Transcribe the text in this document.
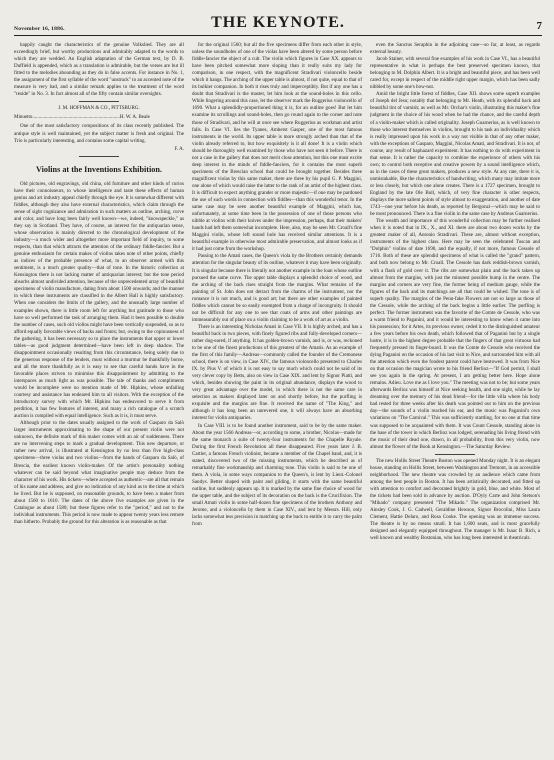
November 16, 1886.	THE KEYNOTE.	7

happily caught the characteristics of the genuine Volkslied. They are all exceedingly brief, but worthy productions and admirably adapted to the words to which they are wedded. An English adaptation of the German text, by D. B. Duffield is appended, which as a translation is admirable, but the verses are but ill fitted to the melodies abounding as they do in false accents. For instance in No. 1, the assignment of the first syllable of the word "unstruck" to an accented note of the measure is very bad, and a similar remark applies to the treatment of the word "reside" in No. 3. In fact almost all of the fifty contain similar oversights.

J. M. HOFFMAN & CO., PITTSBURG.
Minuetto......................................................................H. W. A. Beale

One of the most satisfactory compositions of its class recently published. The antique style is well maintained, yet the subject matter is fresh and original. The Trio is particularly interesting, and contains some capital writing.

F. A.
Violins at the Inventions Exhibition.

Old pictures, old engravings, old china, old furniture and other kinds of curios have their connoisseurs, to whose intelligence and taste these effects of human genius and art industry appeal chiefly through the eye. It is somewhat different with fiddles, although they also have external characteristics, which claim through the sense of sight cognizance and admiration in such matters as outline, arching, curve and color, and have long been fairly well known—we, indeed, "knowspeckle," as they say in Scotland. They have, of course, an interest for the antiquarian sense, whose observation is mainly directed to the chronological development of the industry—a much wider and altogether more important field of inquiry, to some respects, than that which attracts the attention of the ordinary fiddle-fancier. But a genuine enthusiasm for certain makes of violins takes note of other points, chiefly as indices of the probable presence of what, to an observer armed with this sentiment, is a much greater quality—that of tone. In the historic collection at Kensington there is not lacking matter of antiquarian interest; but the tone period absorbs almost undivided attention, because of the unprecedented array of beautiful specimens of violin manufacture, dating from about 1500 onwards; and the manner in which these instruments are classified in the Albert Hall is highly satisfactory. When one considers the limits of the gallery, and the unusually large number of examples shown, there is little room left for anything but gratitude to those who have so well performed the task of arranging them. Had it been possible to double the number of cases, such old violins might have been vertically suspended, so as to afford equally favorable views of backs and fronts; but, owing to the copiousness of the gathering, it has been necessary so to place the instruments that upper or lower tables—as good judgment determined—have been left in deep shadow. The disappointment occasionally resulting from this circumstance, being solely due to the generous response of the lenders, must without a murmur be thankfully borne, and all the more thankfully as it is easy to see that careful hands have in the favorable places striven to minimise this disappointment by admitting to the interspaces as much light as was possible. The tale of thanks and compliments would be incomplete were no mention made of Mr. Hipkins, whose unfailing courtesy and assistance has endeared him to all visitors. With the exception of the introductory survey with which Mr. Hipkins has endeavored to serve it from perdition, it has few features of interest, and many a rich catalogue of a scratch auction is compiled with equal intelligence. Such as it is, it must serve.

Although prior to the dates usually assigned to the work of Gasparo da Salò larger instruments approximating to the shape of our present violin were not unknown, the definite mark of this maker comes with an air of suddenness. There are no intervening steps to mark a gradual development. This new departure, or rather new arrival, is illustrated at Kensington by no less than five high-class specimens—three violas and two violins—from the hands of Gasparo da Salò, of Brescia, the earliest known violin-maker. Of the artist's personality nothing whatever can be said beyond what imaginative people may deduce from the character of his work. His tickets—where accepted as authentic—are all that remain of his name and address, and give no indication of any kind as to the time at which he lived. But he is supposed, on reasonable grounds, to have been a maker from about 1560 to 1610. The dates of the above five examples are given in the Catalogue as about 1580; but these figures refer to the "period," and not to the individual instruments. This period is now made to appear twenty years less remote than hitherto. Probably the ground for this alteration is as reasonable as that

for the original 1560; but all the five specimens differ from each other in style, unless the soundholes of one of the violas have been altered by some person before fiddle-fancier the object of a cult. The violin which figures in Case XX. appears to have been pitched somewhat more sloping than it really suits my lady for comparison, in one respect, with the magnificent Stradivari violoncello beside which it hangs. The arching of the upper table is almost, if not quite, equal to that of its bulkier companion. In both it rises truly and imperceptibly. But if any one has a doubt that Stradivari is the master, let him look at the sound-holes in this cello. While lingering around this case, let the observer mark the Ruggerius violoncello of 1690. What a splendidly-proportioned thing it is, for an outline goes! But let him examine its scrollings and sound-holes, then go round again to the corner and note those of Stradivari, and he will at once see where Ruggerius as workman and artist falls. In Case VI. lies the Tyanes, Amherst Gasper, one of the most famous instruments in the world. Its upper table is more strongly arched than that of the violin already referred to, but how exquisitely is it all done! It is a violin which should be thoroughly well examined by those who have not seen it before. There is not a case in the gallery that does not merit close attention, but this one must excite deep interest in the minds of fiddle-fanciers, for it contains the most superb specimens of the Brescian school that could be brought together. Besides three magnificent violas by this same maker, there are three by his pupil G. P. Maggini, one alone of which would raise the latter to the rank of an artist of the highest class. It is difficult to expect anything grander or more majestic—if one may be pardoned the use of such words in connection with fiddles—than this wonderful tenor. In the same case may be seen another beautiful example of Maggini, which has, unfortunately, at some time been in the possession of one of those persons who nibble at violins with their knives under the impression, perhaps, that their makers' hands had left them somewhat incomplete. Here, also, may be seen Mr. Croall's fine Maggini violin, whose left sound hole has received similar attentions. It is a beautiful example in otherwise most admirable preservation, and almost looks as if it had just come from the workshop.

Passing to the Amati cases, the Queen's viola by the Brothers certainly demands attention for the singular beauty of its outline, whatever it may have been originally. It is singular because there is literally not another example in the loan whose outline pursued the same curve. The upper table displays a splendid choice of wood, and the arching of the back rises straight from the margins. What remains of the painting of St. John does not detract from the charms of the instrument, nor the romance it is not much, and is good art; but there are other examples of painted fiddles which cannot be so easily exempted from a charge of incongruity. It should not be difficult for any one to see that coats of arms and other paintings are immeasurably out of place on a violin claiming to be a work of art as a violin.

There is an interesting Nicholas Amati in Case VII. It is highly arched, and has a beautiful back in two pieces, with finely figured ribs and fully-developed corners—rather dog-eared, if anything. It has golden-brown varnish, and is, or was, reckoned to be one of the finest productions of this greatest of the Amatis. As an example of the first of this family—Andreas—commonly called the founder of the Cremonese school, there is on view, in Case XIV., the famous violoncello presented to Charles IX. by Pius V. of which it is not easy to say much which could not be said of its very clever copy by Betts, also on view in Case XIX. and lent by Signor Piatti, and which, besides showing the paint in its original abundance, displays the wood to very great advantage over the model, in which there is not the same care in selection as makers displayed later on and shortly before, but the purfling is exquisite and the margins are fine. It received the name of "The King," and although it has long been an unrevered one, it will always have an absorbing interest for violin antiquaries.

In Case VIII. is to be found another instrument, said to be by the same maker. About the year 1566 Andreas—or, according to some, a brother, Nicolas—made for the same monarch a suite of twenty-four instruments for the Chapelle Royale. During the first French Revolution all these disappeared. Five years later J. B. Cartier, a famous French violinist, became a member of the Chapel band, and, it is stated, discovered two of the missing instruments, which he described as of remarkably fine workmanship and charming tone. This violin is said to be one of them. A viola, in some ways companion to the Queen's, is lent by Lieut.-Colonel Sandys. Better shaped with paint and gilding, it starts with the same beautiful outline, but suddenly appears up. It is marked by the same fine choice of wood for the upper table, and the subject of its decoration on the back is the Crucifixion. The small Amati violin in some half-dozen fine specimens of the brothers Anthony and Jerome, and a violoncello by them in Case XIV., and lent by Messrs. Hill, only lacks somewhat less precision in matching up the back to entitle it to carry the palm from

even the Sanctus Seraphin in the adjoining case—so far, at least, as regards external beauty.

Jacob Stainer, with several fine examples of his work in Case VI., has a beautiful representative in what is perhaps the best preserved specimen known, that belonging to M. Dolphin Albert. It is a bright and beautiful piece, and has been well cared for, except in respect of the middle right upper margin, which has been sadly nibbled by some one's bow-nut.

Amid the bright little forest of fiddles, Case XII. shows some superb examples of Joseph del Jesu; notably that belonging to Mr. Heath, with its splendid back and beautiful tint of varnish; as well as Mr. Orchar's violin, illustrating this maker's fine judgment in the choice of his wood when he had the chance, and the careful depth of a violin-maker which is called originality. Joseph Guarnerius, as is well known to those who interest themselves in violins, brought to his task an individuality which is really impressed upon his work in a way not visible in that of any other maker, with the exceptions of Gasparo, Maggini, Nicolas Amati, and Stradivari. It is not, of course, any result of haphazard experiment. It has nothing to do with experiment in that sense. It is rather the capacity to combine the experience of others with his own; to control both receptive and creative powers by a sound intelligence which, as in the cases of these great makers, produces a new style. At any rate, there it is, unmistakable, like the characteristics of handwriting, which many may imitate more or less closely, but which one alone creates. There is a 1727 specimen, brought to England by the late Ole Bull, which, of very fine character is other respects, displays the more salient points of style almost to exaggeration, and another of date 1743—one year before his death, as reported by Bergonzi—which may be said to be most pronounced. There is a fine violin in the same case by Andreas Guarnerius.

The wealth and importance of this wonderful collection may be further realised when it is noted that in IX., X., and XI. there are about two dozen works by the greatest maker of all, Antonio Stradivari. These are, almost without exception, instruments of the highest class. Here may be seen the celebrated Tuscan and "Dolphin" violins of date 1690, and the equally, if not more, famous Cessole of 1716. Both of these are splendid specimens of what is called the "grand" pattern, and both now belong to Mr. Croall. The Cessole has dark reddish-brown varnish, with a flash of gold over it. The ribs are somewhat plain and the back taken up almost from the margins, with just the minutest possible hump in the centre. The margins and corners are very fine, the former being of medium gauge, while the figures of the back and its matchings are all that could be wished. The tone is of superb quality. The margins of the Penn-fake Flowers are not so large as those of the Cessole, while the arching of the back begins a little earlier. The purfling is perfect. The former instrument was the favorite of the Comte de Cessole, who was a warm friend to Paganini, and it would be interesting to know when it came into his possession; for it Artes, its previous owner, ceded it to the distinguished amateur a few years before his own death, which followed that of Paganini but by a single lustre, it is in the highest degree probable that the fingers of that great virtuoso had frequently pressed its finger-board. It was the Comte de Cessole who received the dying Paganini on the occasion of his last visit to Nice, and surrounded him with all the attention which even the fondest parent could have bestowed. It was from Nice on that occasion the magician wrote to his friend Berlioz—"If God permit, I shall see you again in the spring. At present, I am getting better here. Hope alone remains. Adieu. Love me as I love you." The meeting was not to be; but some years afterwards Berlioz was himself at Nice seeking health, and one night, while he lay dreaming over the memory of his dead friend—for the little villa where his body had rested for three weeks after his death was pointed out to him on the previous day—the sounds of a violin reached his ear, and the music was Paganini's own variations on "The Carnival." This was sufficiently startling, for no one at that time was supposed to be acquainted with them. It was Count Cessole, standing alone in the base of the tower in which Berlioz was lodged, serenading his living friend with the music of their dead one, drawn, in all probability, from this very violin, now almost the flower of the Book at Kensington.—The Saturday Review.

The new Hollis Street Theatre Boston was opened Monday night. It is an elegant house, standing on Hollis Street, between Washington and Tremont, in an accessible neighborhood. The new theatre was crowded by an audience which came from among the best people in Boston. It has been artistically decorated, and fitted up with attention to comfort and decorated brightly in gold, blue, and white. Most of the tickets had been sold in advance by auction. D'Oyly Carte and John Stetson's "Mikado" company presented "The Mikado." The organization comprised Mr. Ainsley Cook, J. G. Cadwell, Geraldine Hewson, Signor Brocolini, Miss Laura Clement, Hattie Delaro, and Rosa Cooke. The opening was an immense success. The theatre is by no means small. It has 1,600 seats, and is most gracefully designed and elegantly equipped throughout. The manager is Mr. Isaac B. Rich, a well known and wealthy Bostonian, who has long been interested in theatricals.
